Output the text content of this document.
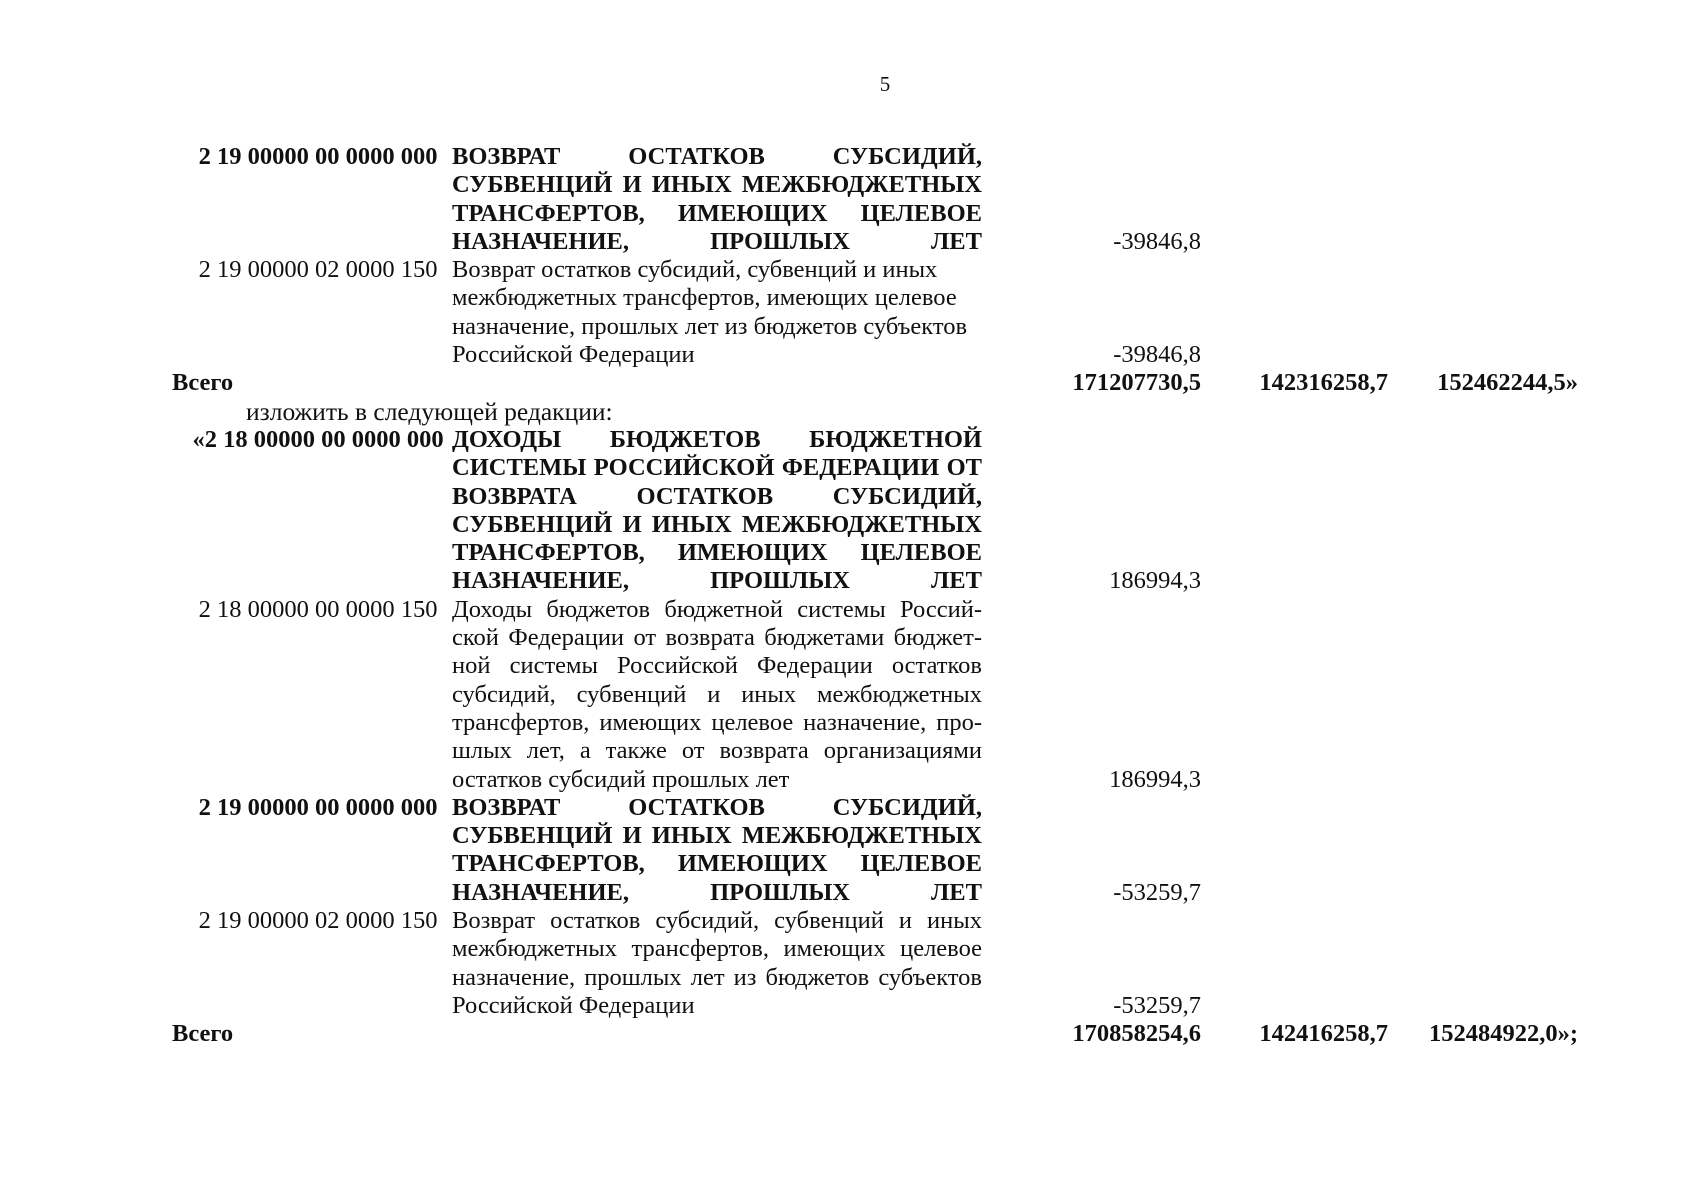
5
2 19 00000 00 0000 000	ВОЗВРАТ ОСТАТКОВ СУБСИДИЙ, СУБВЕНЦИЙ И ИНЫХ МЕЖБЮДЖЕТНЫХ ТРАНСФЕРТОВ, ИМЕЮЩИХ ЦЕЛЕВОЕ НАЗНАЧЕНИЕ, ПРОШЛЫХ ЛЕТ	-39846,8		
2 19 00000 02 0000 150	Возврат остатков субсидий, субвенций и иных межбюджетных трансфертов, имеющих целевое назначение, прошлых лет из бюджетов субъектов Российской Федерации	-39846,8		
Всего		171207730,5	142316258,7	152462244,5»
изложить в следующей редакции:				
«2 18 00000 00 0000 000	ДОХОДЫ БЮДЖЕТОВ БЮДЖЕТНОЙ СИСТЕМЫ РОССИЙСКОЙ ФЕДЕРАЦИИ ОТ ВОЗВРАТА ОСТАТКОВ СУБСИДИЙ, СУБВЕНЦИЙ И ИНЫХ МЕЖБЮДЖЕТНЫХ ТРАНСФЕРТОВ, ИМЕЮЩИХ ЦЕЛЕВОЕ НАЗНАЧЕНИЕ, ПРОШЛЫХ ЛЕТ	186994,3		
2 18 00000 00 0000 150	Доходы бюджетов бюджетной системы Россий-ской Федерации от возврата бюджетами бюджет-ной системы Российской Федерации остатков субсидий, субвенций и иных межбюджетных трансфертов, имеющих целевое назначение, про-шлых лет, а также от возврата организациями остатков субсидий прошлых лет	186994,3		
2 19 00000 00 0000 000	ВОЗВРАТ ОСТАТКОВ СУБСИДИЙ, СУБВЕНЦИЙ И ИНЫХ МЕЖБЮДЖЕТНЫХ ТРАНСФЕРТОВ, ИМЕЮЩИХ ЦЕЛЕВОЕ НАЗНАЧЕНИЕ, ПРОШЛЫХ ЛЕТ	-53259,7		
2 19 00000 02 0000 150	Возврат остатков субсидий, субвенций и иных межбюджетных трансфертов, имеющих целевое назначение, прошлых лет из бюджетов субъектов Российской Федерации	-53259,7		
Всего		170858254,6	142416258,7	152484922,0»;
